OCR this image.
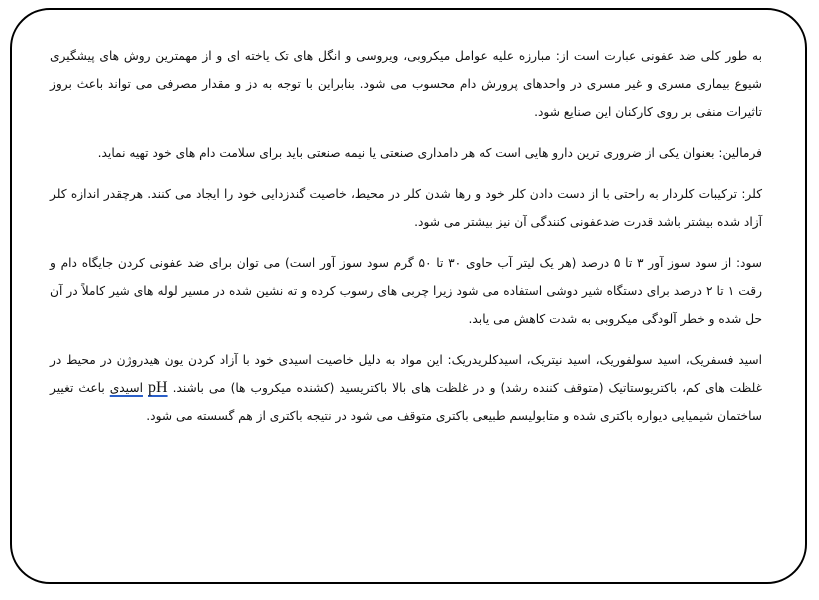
به طور کلی ضد عفونی عبارت است از: مبارزه علیه عوامل میکروبی، ویروسی و انگل های تک یاخته ای و از مهمترین روش های پیشگیری شیوع بیماری مسری و غیر مسری در واحدهای پرورش دام محسوب می شود. بنابراین با توجه به دز و مقدار مصرفی می تواند باعث بروز تاثیرات منفی بر روی کارکنان این صنایع شود.

فرمالین: بعنوان یکی از ضروری ترین دارو هایی است که هر دامداری صنعتی یا نیمه صنعتی باید برای سلامت دام های خود تهیه نماید.

کلر: ترکیبات کلردار به راحتی با از دست دادن کلر خود و رها شدن کلر در محیط، خاصیت گندزدایی خود را ایجاد می کنند. هرچقدر اندازه کلر آزاد شده بیشتر باشد قدرت ضدعفونی کنندگی آن نیز بیشتر می شود.

سود: از سود سوز آور ۳ تا ۵ درصد (هر یک لیتر آب حاوی ۳۰ تا ۵۰ گرم سود سوز آور است) می توان برای ضد عفونی کردن جایگاه دام و رقت ۱ تا ۲ درصد برای دستگاه شیر دوشی استفاده می شود زیرا چربی های رسوب کرده و ته نشین شده در مسیر لوله های شیر کاملاً در آن حل شده و خطر آلودگی میکروبی به شدت کاهش می یابد.

اسید فسفریک، اسید سولفوریک، اسید نیتریک، اسیدکلریدریک: این مواد به دلیل خاصیت اسیدی خود با آزاد کردن یون هیدروژن در محیط در غلظت های کم، باکتریوستاتیک (متوقف کننده رشد) و در غلظت های بالا باکتریسید (کشنده میکروب ها) می باشند. pH اسیدی باعث تغییر ساختمان شیمیایی دیواره باکتری شده و متابولیسم طبیعی باکتری متوقف می شود در نتیجه باکتری از هم گسسته می شود.
